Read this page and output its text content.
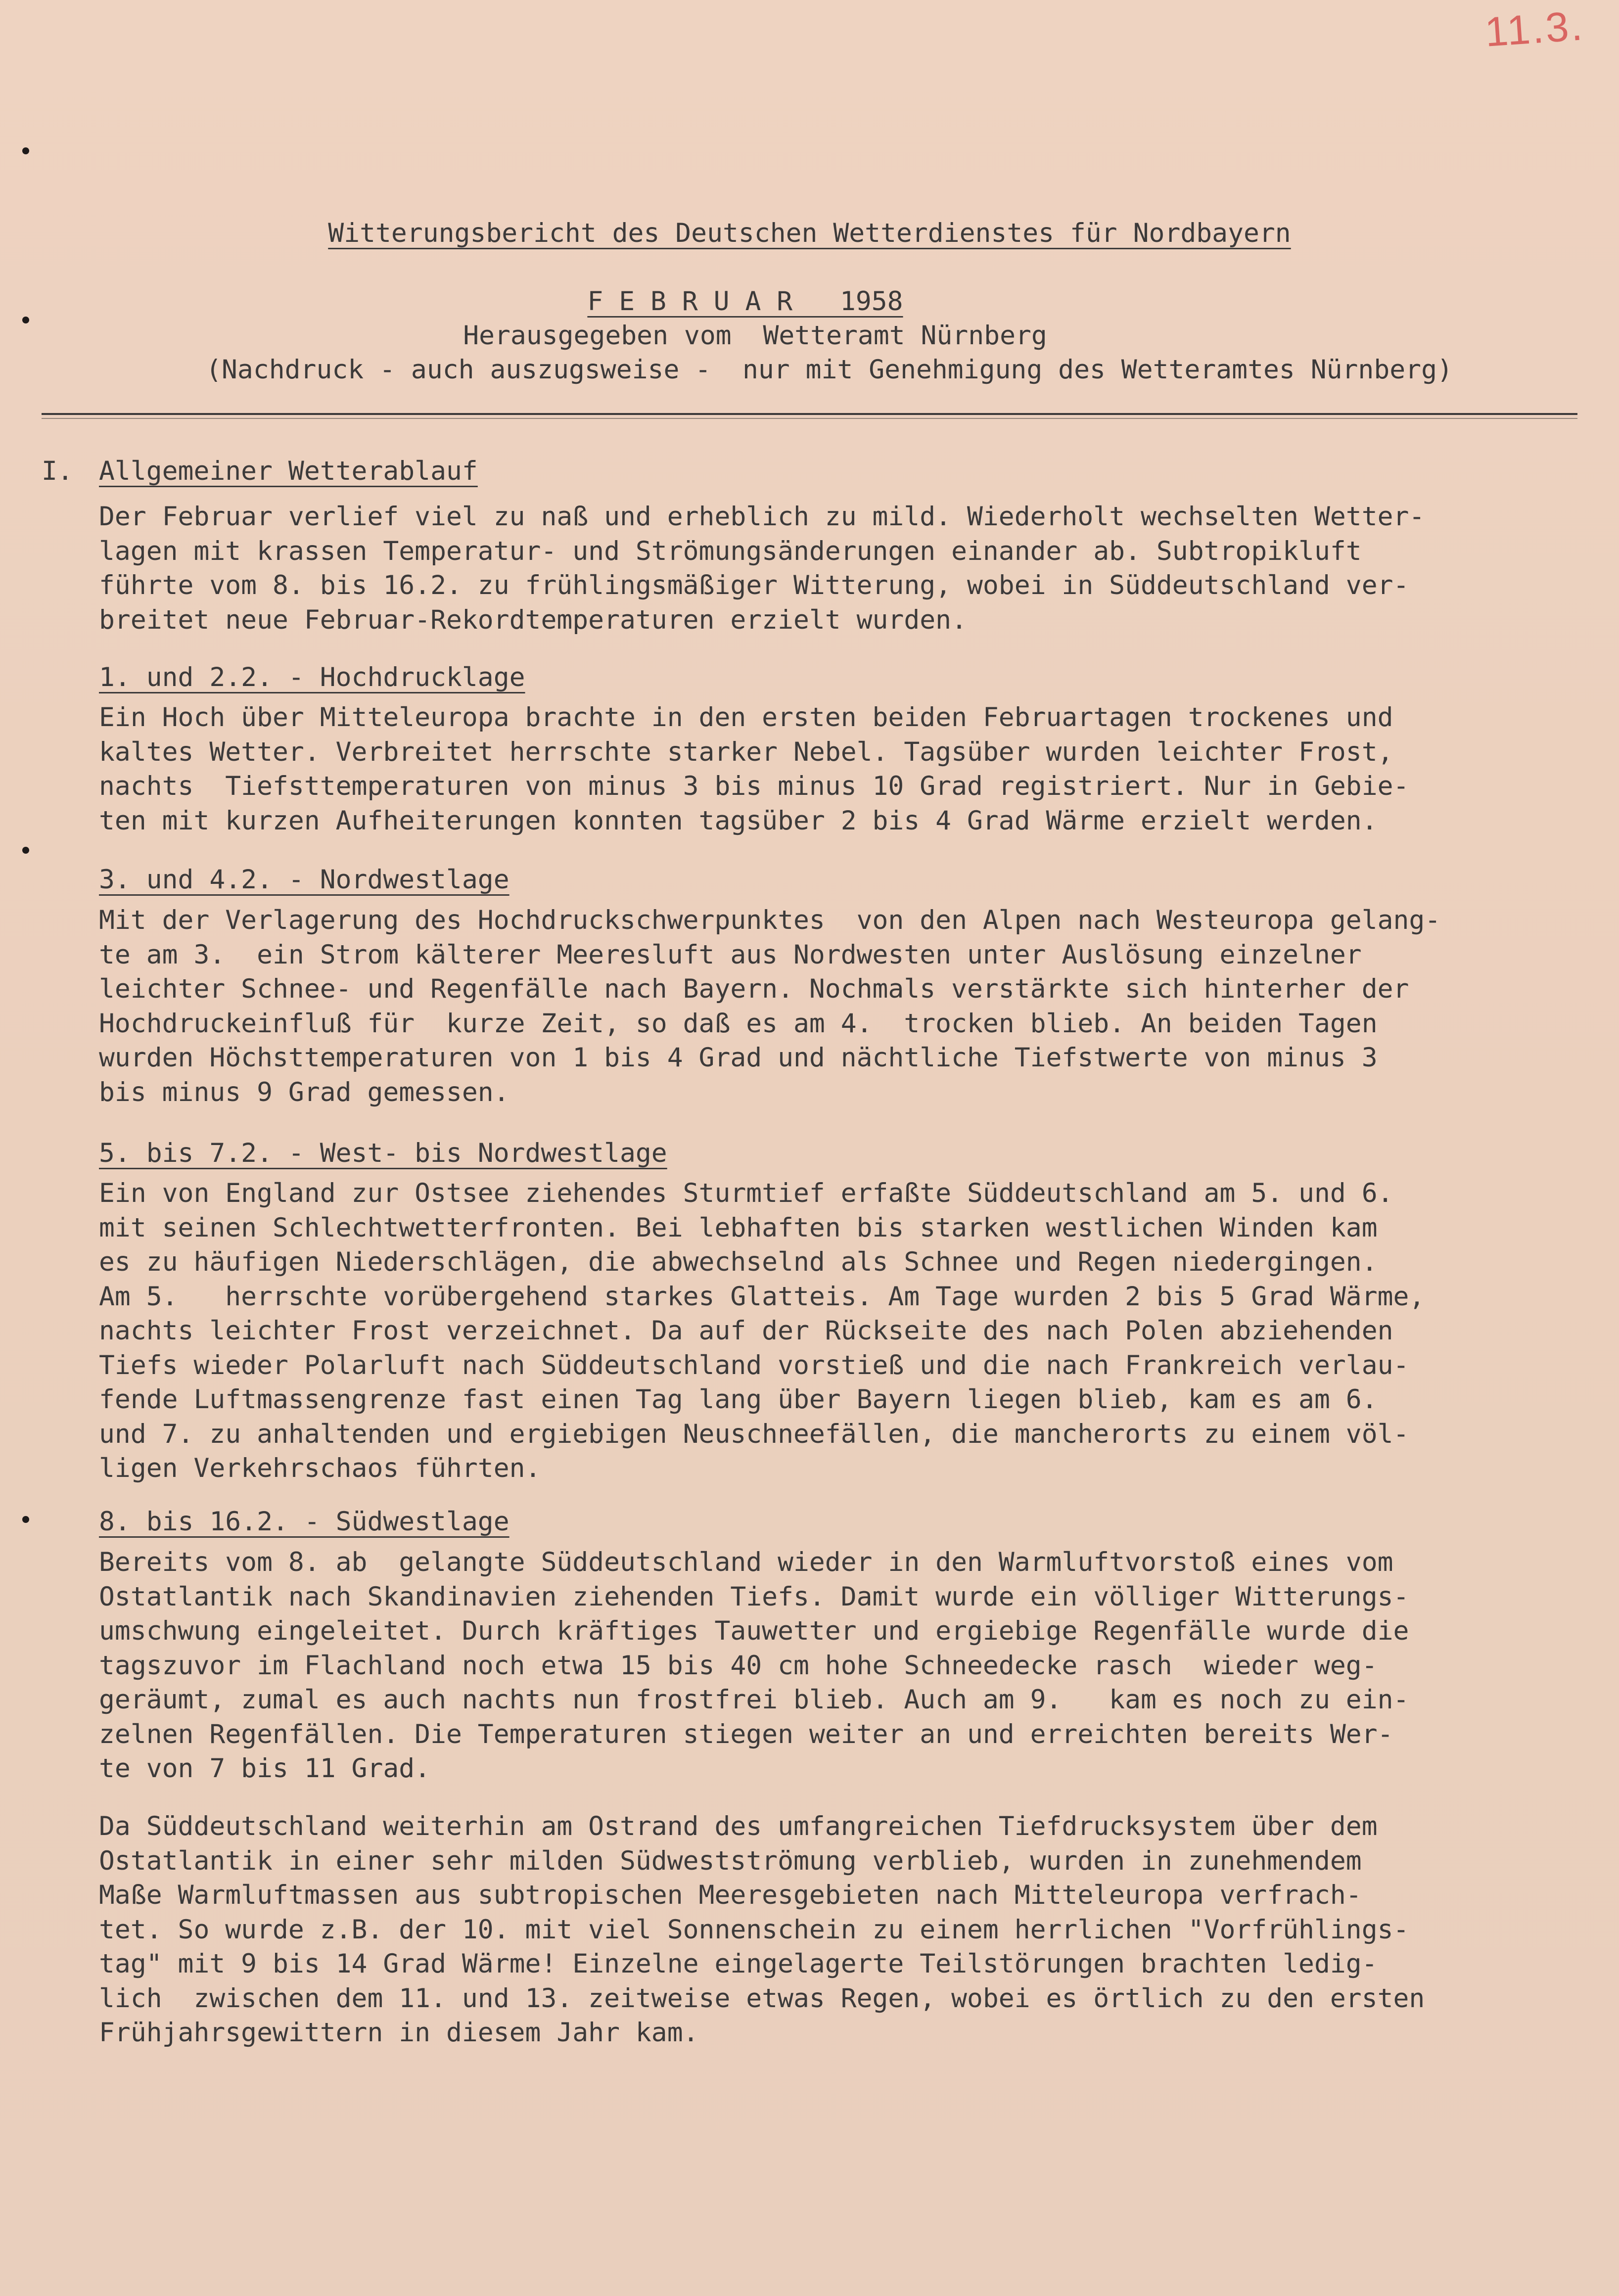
11.3.
Witterungsbericht des Deutschen Wetterdienstes für Nordbayern
F E B R U A R   1958
Herausgegeben vom  Wetteramt Nürnberg
(Nachdruck - auch auszugsweise -  nur mit Genehmigung des Wetteramtes Nürnberg)
I. Allgemeiner Wetterablauf
Der Februar verlief viel zu naß und erheblich zu mild. Wiederholt wechselten Wetter-
lagen mit krassen Temperatur- und Strömungsänderungen einander ab. Subtropikluft
führte vom 8. bis 16.2. zu frühlingsmäßiger Witterung, wobei in Süddeutschland ver-
breitet neue Februar-Rekordtemperaturen erzielt wurden.
1. und 2.2. - Hochdrucklage
Ein Hoch über Mitteleuropa brachte in den ersten beiden Februartagen trockenes und
kaltes Wetter. Verbreitet herrschte starker Nebel. Tagsüber wurden leichter Frost,
nachts  Tiefsttemperaturen von minus 3 bis minus 10 Grad registriert. Nur in Gebie-
ten mit kurzen Aufheiterungen konnten tagsüber 2 bis 4 Grad Wärme erzielt werden.
3. und 4.2. - Nordwestlage
Mit der Verlagerung des Hochdruckschwerpunktes  von den Alpen nach Westeuropa gelang-
te am 3.  ein Strom kälterer Meeresluft aus Nordwesten unter Auslösung einzelner
leichter Schnee- und Regenfälle nach Bayern. Nochmals verstärkte sich hinterher der
Hochdruckeinfluß für  kurze Zeit, so daß es am 4.  trocken blieb. An beiden Tagen
wurden Höchsttemperaturen von 1 bis 4 Grad und nächtliche Tiefstwerte von minus 3
bis minus 9 Grad gemessen.
5. bis 7.2. - West- bis Nordwestlage
Ein von England zur Ostsee ziehendes Sturmtief erfaßte Süddeutschland am 5. und 6.
mit seinen Schlechtwetterfronten. Bei lebhaften bis starken westlichen Winden kam
es zu häufigen Niederschlägen, die abwechselnd als Schnee und Regen niedergingen.
Am 5.   herrschte vorübergehend starkes Glatteis. Am Tage wurden 2 bis 5 Grad Wärme,
nachts leichter Frost verzeichnet. Da auf der Rückseite des nach Polen abziehenden
Tiefs wieder Polarluft nach Süddeutschland vorstieß und die nach Frankreich verlau-
fende Luftmassengrenze fast einen Tag lang über Bayern liegen blieb, kam es am 6.
und 7. zu anhaltenden und ergiebigen Neuschneefällen, die mancherorts zu einem völ-
ligen Verkehrschaos führten.
8. bis 16.2. - Südwestlage
Bereits vom 8. ab  gelangte Süddeutschland wieder in den Warmluftvorstoß eines vom
Ostatlantik nach Skandinavien ziehenden Tiefs. Damit wurde ein völliger Witterungs-
umschwung eingeleitet. Durch kräftiges Tauwetter und ergiebige Regenfälle wurde die
tagszuvor im Flachland noch etwa 15 bis 40 cm hohe Schneedecke rasch  wieder weg-
geräumt, zumal es auch nachts nun frostfrei blieb. Auch am 9.   kam es noch zu ein-
zelnen Regenfällen. Die Temperaturen stiegen weiter an und erreichten bereits Wer-
te von 7 bis 11 Grad.
Da Süddeutschland weiterhin am Ostrand des umfangreichen Tiefdrucksystem über dem
Ostatlantik in einer sehr milden Südwestströmung verblieb, wurden in zunehmendem
Maße Warmluftmassen aus subtropischen Meeresgebieten nach Mitteleuropa verfrach-
tet. So wurde z.B. der 10. mit viel Sonnenschein zu einem herrlichen "Vorfrühlings-
tag" mit 9 bis 14 Grad Wärme! Einzelne eingelagerte Teilstörungen brachten ledig-
lich  zwischen dem 11. und 13. zeitweise etwas Regen, wobei es örtlich zu den ersten
Frühjahrsgewittern in diesem Jahr kam.
